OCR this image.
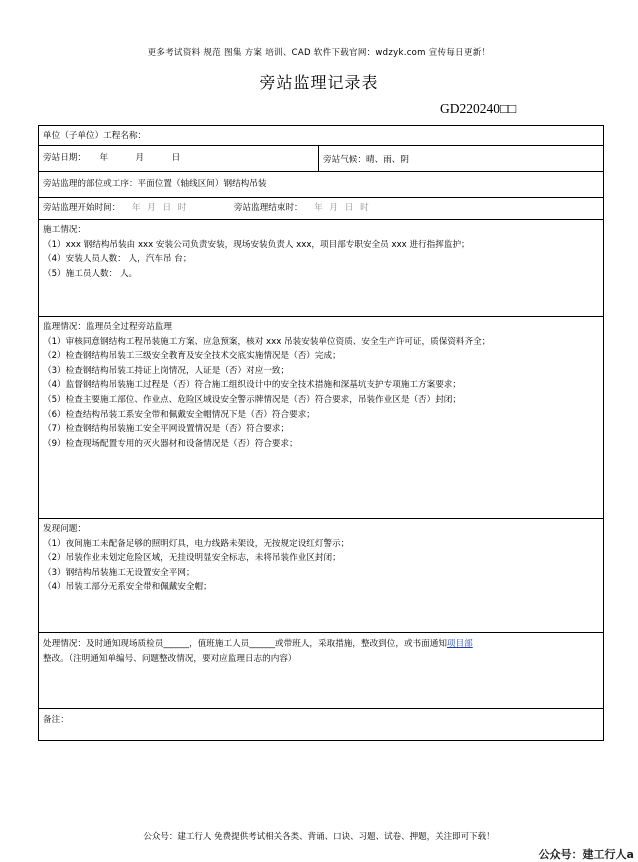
更多考试资料 规范 图集 方案 培训、CAD 软件下载官网：wdzyk.com 宣传每日更新！
旁站监理记录表
GD220240□□
单位（子单位）工程名称：
旁站日期： 年	月	日	旁站气候：晴、雨、阴
旁站监理的部位或工序：平面位置（轴线区间）钢结构吊装
旁站监理开始时间： 年 月 日 时	旁站监理结束时： 年 月 日 时
施工情况：
（1）xxx 钢结构吊装由 xxx 安装公司负责安装，现场安装负责人 xxx，项目部专职安全员 xxx 进行指挥监护；
（4）安装人员人数： 人，汽车吊 台；
（5）施工员人数： 人。
监理情况：监理员全过程旁站监理
（1）审核同意钢结构工程吊装施工方案、应急预案，核对 xxx 吊装安装单位资质、安全生产许可证，质保资料齐全；
（2）检查钢结构吊装工三级安全教育及安全技术交底实施情况是（否）完成；
（3）检查钢结构吊装工持证上岗情况，人证是（否）对应一致；
（4）监督钢结构吊装施工过程是（否）符合施工组织设计中的安全技术措施和深基坑支护专项施工方案要求；
（5）检查主要施工部位、作业点、危险区域设安全警示牌情况是（否）符合要求，吊装作业区是（否）封闭；
（6）检查结构吊装工系安全带和佩戴安全帽情况下是（否）符合要求；
（7）检查钢结构吊装施工安全平网设置情况是（否）符合要求；
（9）检查现场配置专用的灭火器材和设备情况是（否）符合要求；
发现问题：
（1）夜间施工未配备足够的照明灯具，电力线路未架设，无按规定设红灯警示；
（2）吊装作业未划定危险区域，无挂设明显安全标志，未将吊装作业区封闭；
（3）钢结构吊装施工无设置安全平网；
（4）吊装工部分无系安全带和佩戴安全帽；
处理情况：及时通知现场质检员______，值班施工人员______或带班人，采取措施，整改到位，或书面通知项目部
整改。（注明通知单编号、问题整改情况，要对应监理日志的内容）
备注：
公众号：建工行人 免费提供考试相关各类、背诵、口诀、习题、试卷、押题，关注即可下载！
公众号：建工行人a
